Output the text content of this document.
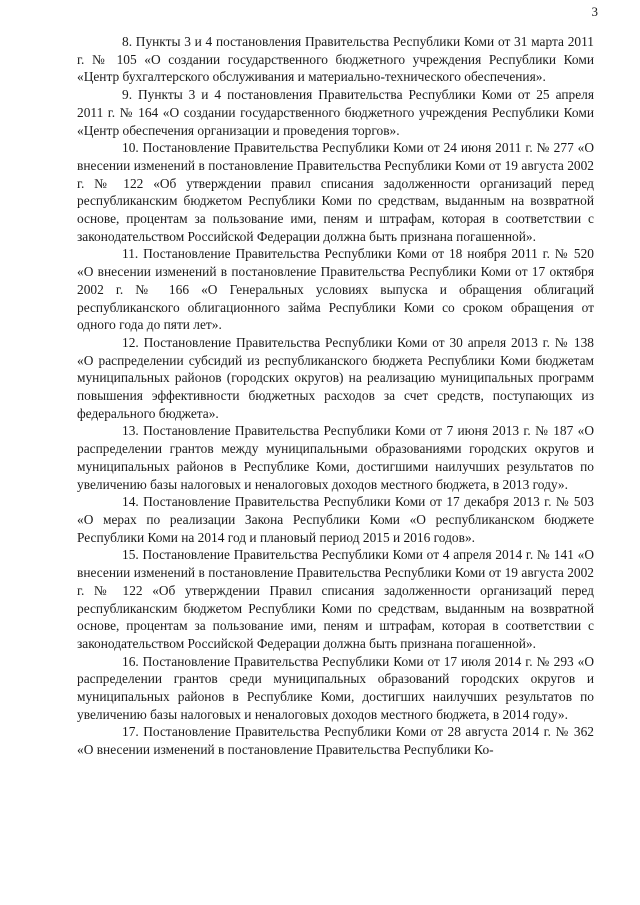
3

8. Пункты 3 и 4 постановления Правительства Республики Коми от 31 марта 2011 г. № 105 «О создании государственного бюджетного учреждения Республики Коми «Центр бухгалтерского обслуживания и материально-технического обеспечения».

9. Пункты 3 и 4 постановления Правительства Республики Коми от 25 апреля 2011 г. № 164 «О создании государственного бюджетного учреждения Республики Коми «Центр обеспечения организации и проведения торгов».

10. Постановление Правительства Республики Коми от 24 июня 2011 г. № 277 «О внесении изменений в постановление Правительства Республики Коми от 19 августа 2002 г. № 122 «Об утверждении правил списания задолженности организаций перед республиканским бюджетом Республики Коми по средствам, выданным на возвратной основе, процентам за пользование ими, пеням и штрафам, которая в соответствии с законодательством Российской Федерации должна быть признана погашенной».

11. Постановление Правительства Республики Коми от 18 ноября 2011 г. № 520 «О внесении изменений в постановление Правительства Республики Коми от 17 октября 2002 г. № 166 «О Генеральных условиях выпуска и обращения облигаций республиканского облигационного займа Республики Коми со сроком обращения от одного года до пяти лет».

12. Постановление Правительства Республики Коми от 30 апреля 2013 г. № 138 «О распределении субсидий из республиканского бюджета Республики Коми бюджетам муниципальных районов (городских округов) на реализацию муниципальных программ повышения эффективности бюджетных расходов за счет средств, поступающих из федерального бюджета».

13. Постановление Правительства Республики Коми от 7 июня 2013 г. № 187 «О распределении грантов между муниципальными образованиями городских округов и муниципальных районов в Республике Коми, достигшими наилучших результатов по увеличению базы налоговых и неналоговых доходов местного бюджета, в 2013 году».

14. Постановление Правительства Республики Коми от 17 декабря 2013 г. № 503 «О мерах по реализации Закона Республики Коми «О республиканском бюджете Республики Коми на 2014 год и плановый период 2015 и 2016 годов».

15. Постановление Правительства Республики Коми от 4 апреля 2014 г. № 141 «О внесении изменений в постановление Правительства Республики Коми от 19 августа 2002 г. № 122 «Об утверждении Правил списания задолженности организаций перед республиканским бюджетом Республики Коми по средствам, выданным на возвратной основе, процентам за пользование ими, пеням и штрафам, которая в соответствии с законодательством Российской Федерации должна быть признана погашенной».

16. Постановление Правительства Республики Коми от 17 июля 2014 г. № 293 «О распределении грантов среди муниципальных образований городских округов и муниципальных районов в Республике Коми, достигших наилучших результатов по увеличению базы налоговых и неналоговых доходов местного бюджета, в 2014 году».

17. Постановление Правительства Республики Коми от 28 августа 2014 г. № 362 «О внесении изменений в постановление Правительства Республики Ко-
